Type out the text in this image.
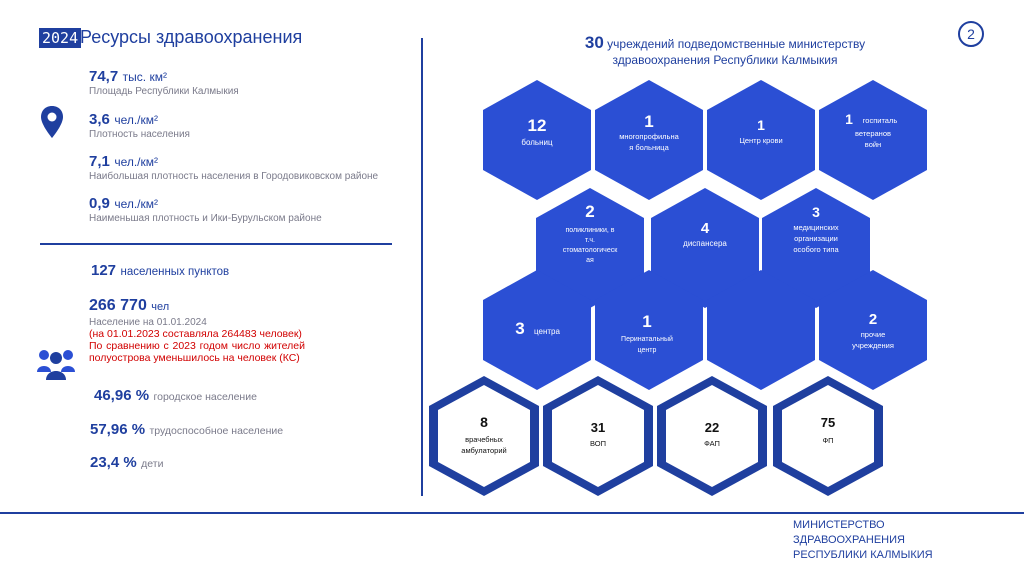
2024 Ресурсы здравоохранения	2
74,7 тыс. км²
Площадь Республики Калмыкия
3,6 чел./км²
Плотность населения
7,1 чел./км²
Наибольшая плотность населения в Городовиковском районе
0,9 чел./км²
Наименьшая плотность и Ики-Бурульском районе
127 населенных пунктов
266 770 чел
Население на 01.01.2024
(на 01.01.2023 составляла 264483 человек)
По сравнению с 2023 годом число жителей полуострова уменьшилось на человек (КС)
46,96 % городское население
57,96 % трудоспособное население
23,4 % дети
30 учреждений подведомственные министерству
здравоохранения Республики Калмыкия
12
больниц
1
многопрофильна
я больница
1
Центр крови
1 госпиталь
ветеранов
войн
2
поликлиники, в
т.ч.
стоматологическ
ая
4
диспансера
3
медицинских
организации
особого типа
3 центра
1
Перинатальный
центр
2
прочие
учреждения
8
врачебных
амбулаторий
31
ВОП
22
ФАП
75
ФП
МИНИСТЕРСТВО
ЗДРАВООХРАНЕНИЯ
РЕСПУБЛИКИ КАЛМЫКИЯ
